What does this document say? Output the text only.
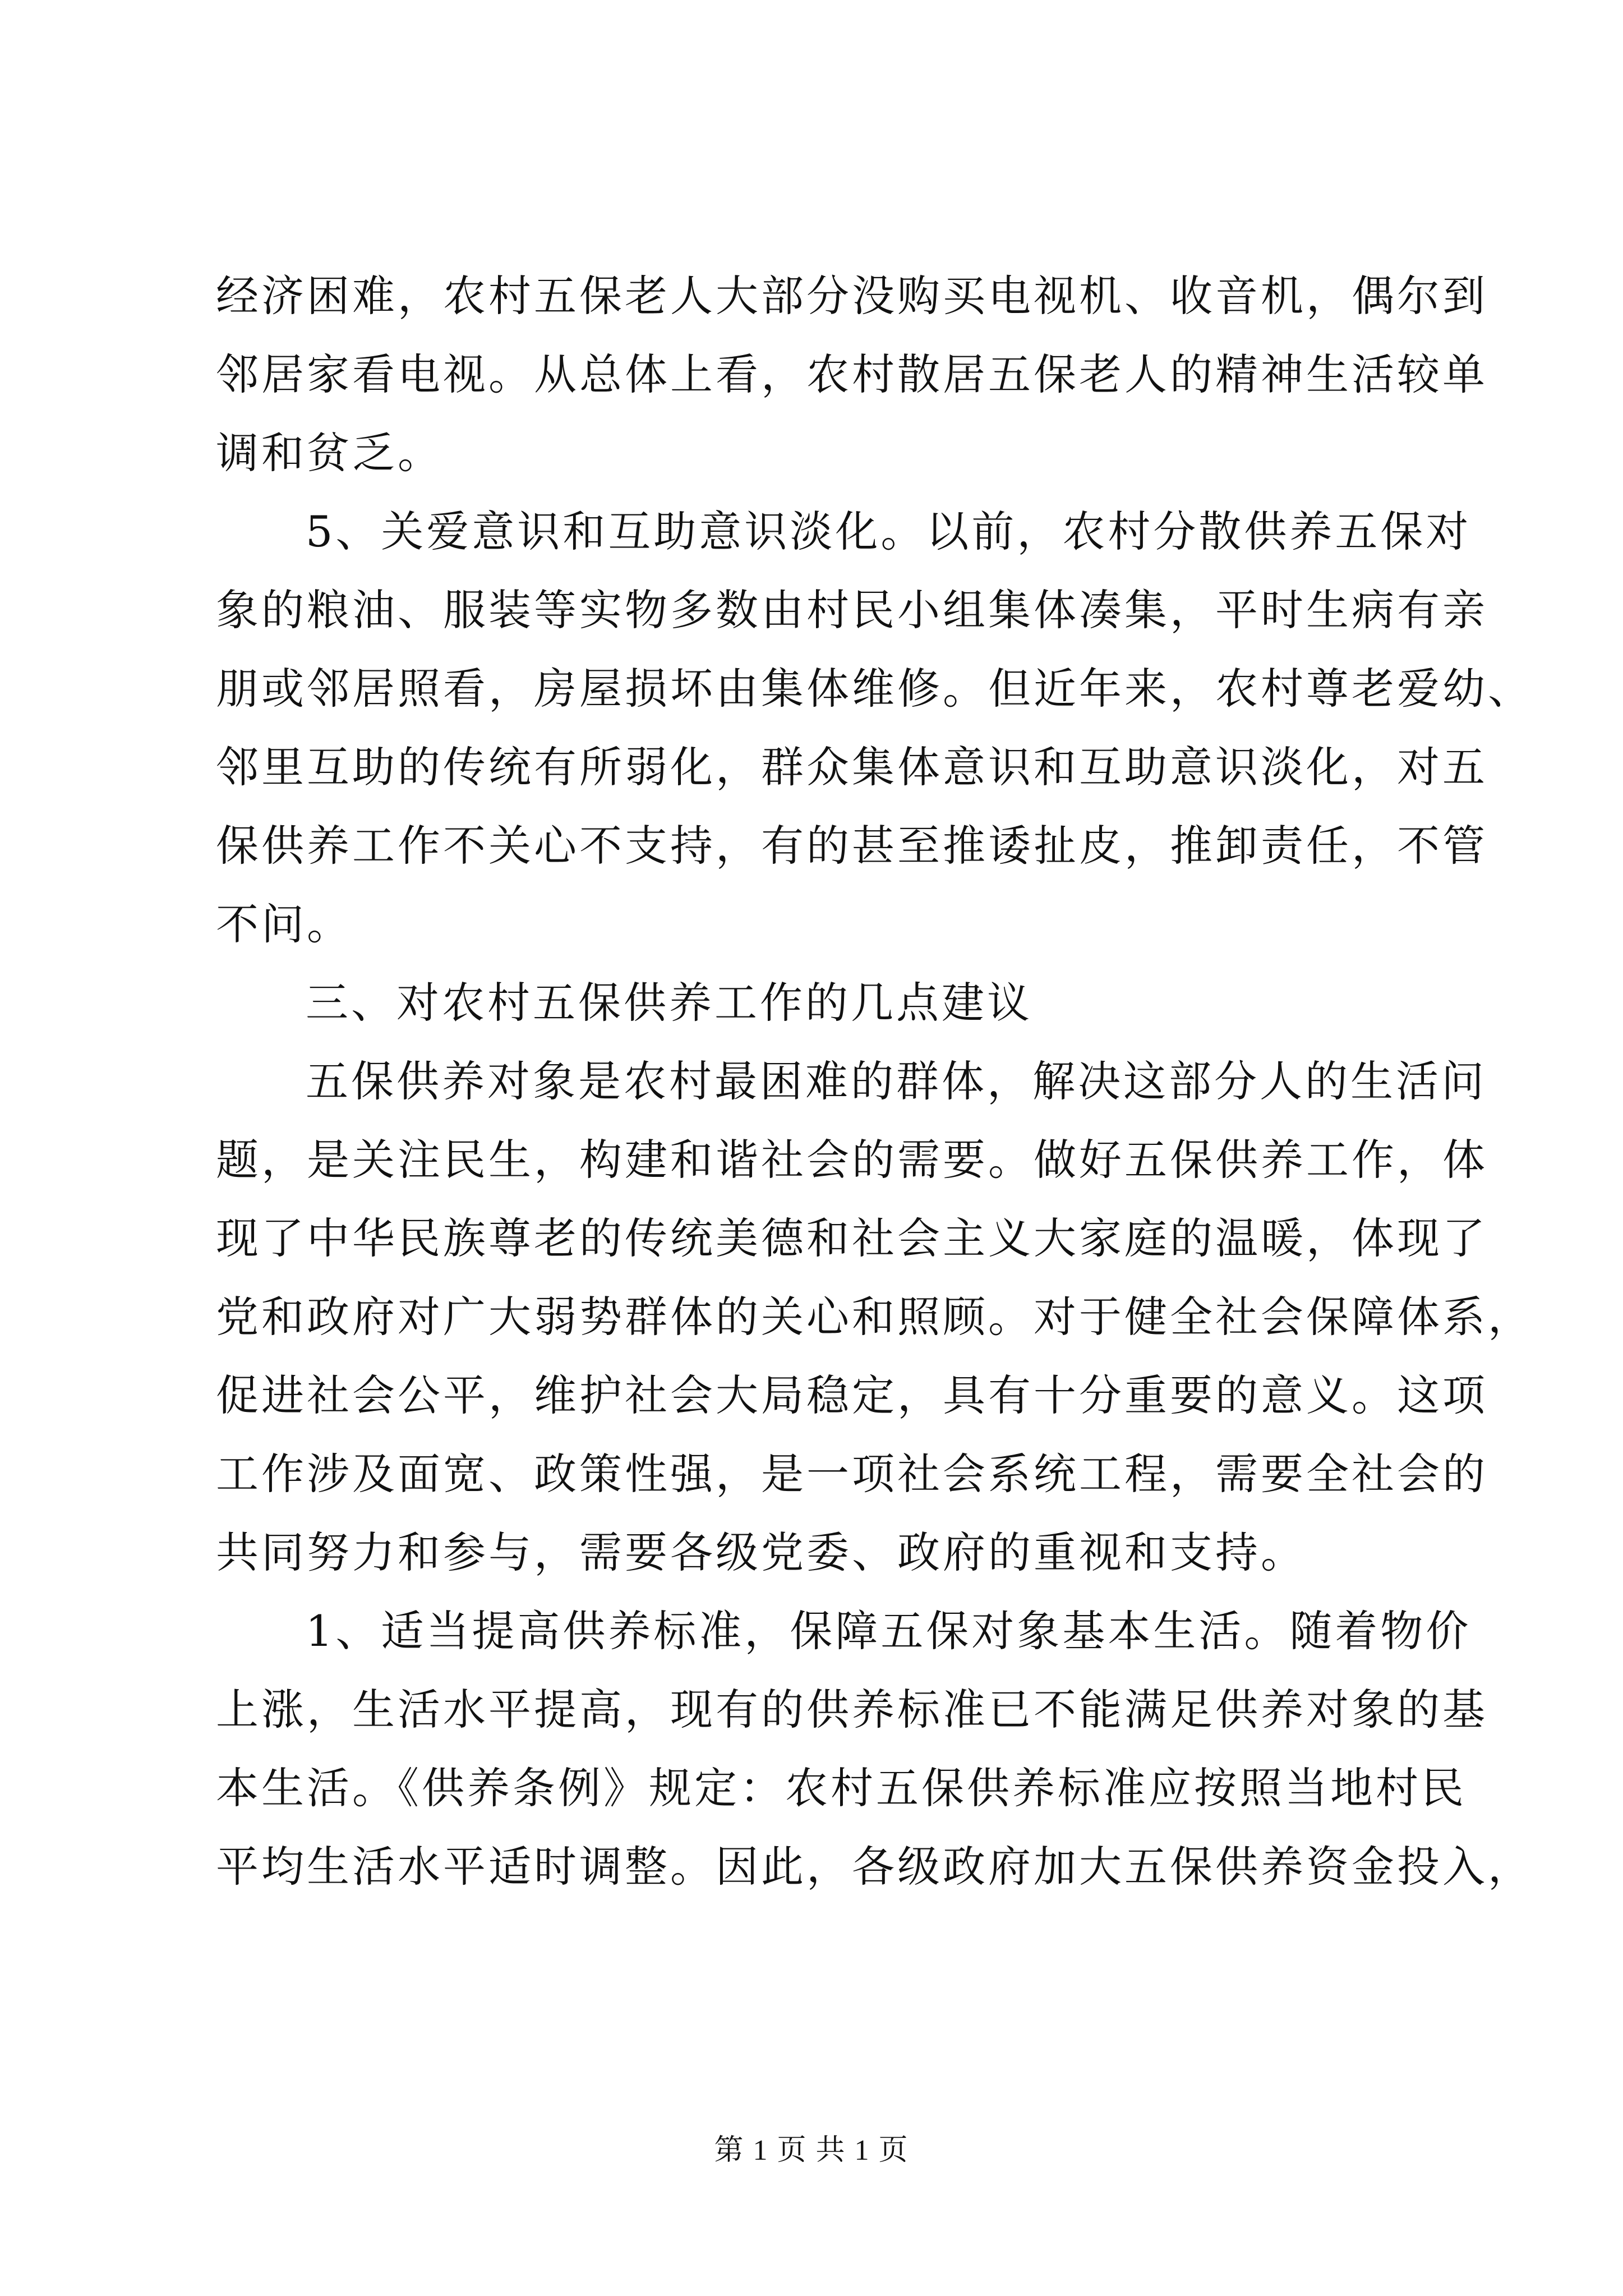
经济困难，农村五保老人大部分没购买电视机、收音机，偶尔到
邻居家看电视。从总体上看，农村散居五保老人的精神生活较单
调和贫乏。
5、关爱意识和互助意识淡化。以前，农村分散供养五保对
象的粮油、服装等实物多数由村民小组集体凑集，平时生病有亲
朋或邻居照看，房屋损坏由集体维修。但近年来，农村尊老爱幼、
邻里互助的传统有所弱化，群众集体意识和互助意识淡化，对五
保供养工作不关心不支持，有的甚至推诿扯皮，推卸责任，不管
不问。
三、对农村五保供养工作的几点建议
五保供养对象是农村最困难的群体，解决这部分人的生活问
题，是关注民生，构建和谐社会的需要。做好五保供养工作，体
现了中华民族尊老的传统美德和社会主义大家庭的温暖，体现了
党和政府对广大弱势群体的关心和照顾。对于健全社会保障体系，
促进社会公平，维护社会大局稳定，具有十分重要的意义。这项
工作涉及面宽、政策性强，是一项社会系统工程，需要全社会的
共同努力和参与，需要各级党委、政府的重视和支持。
1、适当提高供养标准，保障五保对象基本生活。随着物价
上涨，生活水平提高，现有的供养标准已不能满足供养对象的基
本生活。《供养条例》规定：农村五保供养标准应按照当地村民
平均生活水平适时调整。因此，各级政府加大五保供养资金投入，
第 1 页 共 1 页
